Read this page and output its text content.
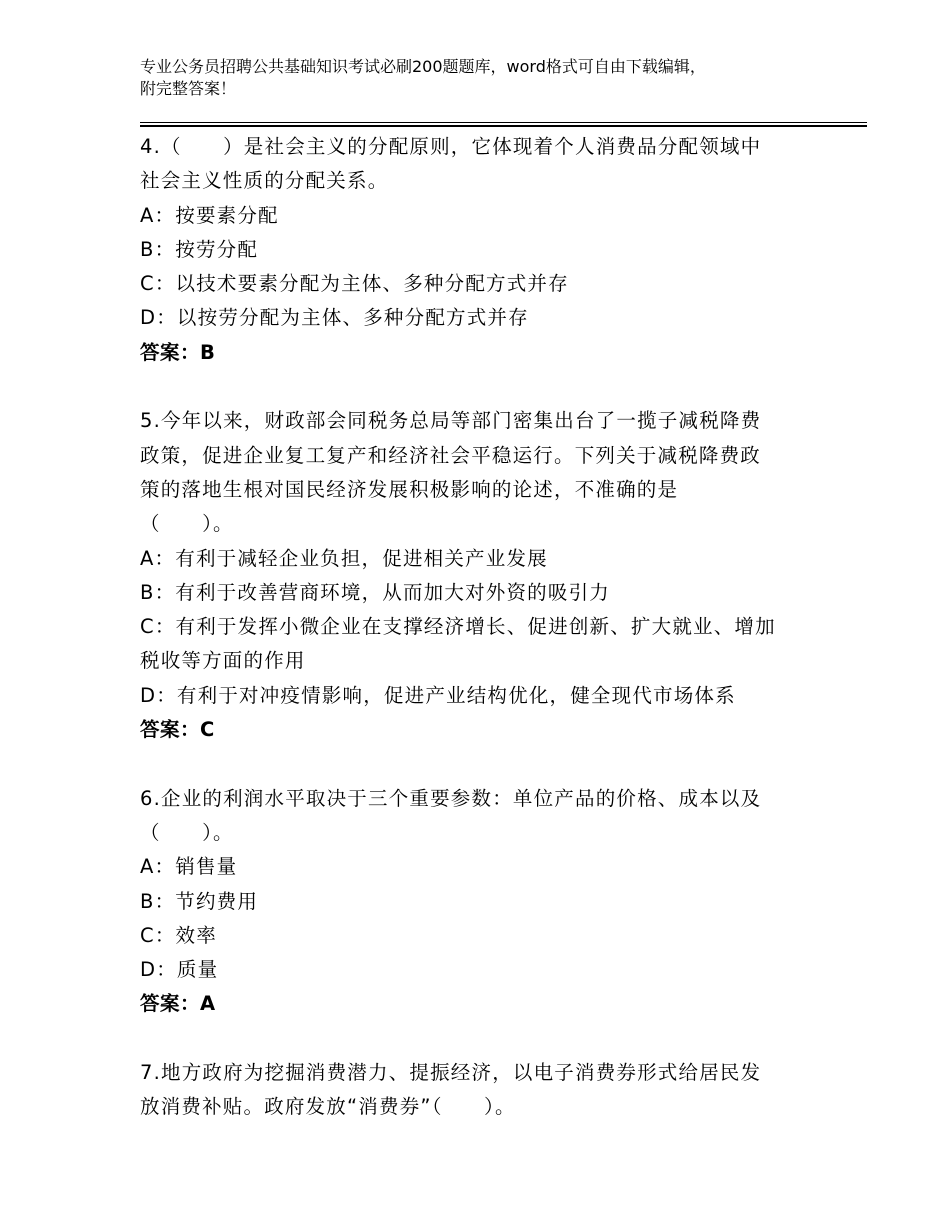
专业公务员招聘公共基础知识考试必刷200题题库，word格式可自由下载编辑，
附完整答案！
4.（　　）是社会主义的分配原则，它体现着个人消费品分配领域中
社会主义性质的分配关系。
A：按要素分配
B：按劳分配
C：以技术要素分配为主体、多种分配方式并存
D：以按劳分配为主体、多种分配方式并存
答案：B
5.今年以来，财政部会同税务总局等部门密集出台了一揽子减税降费
政策，促进企业复工复产和经济社会平稳运行。下列关于减税降费政
策的落地生根对国民经济发展积极影响的论述，不准确的是
（　　）。
A：有利于减轻企业负担，促进相关产业发展
B：有利于改善营商环境，从而加大对外资的吸引力
C：有利于发挥小微企业在支撑经济增长、促进创新、扩大就业、增加
税收等方面的作用
D：有利于对冲疫情影响，促进产业结构优化，健全现代市场体系
答案：C
6.企业的利润水平取决于三个重要参数：单位产品的价格、成本以及
（　　）。
A：销售量
B：节约费用
C：效率
D：质量
答案：A
7.地方政府为挖掘消费潜力、提振经济，以电子消费券形式给居民发
放消费补贴。政府发放“消费券”（　　）。
